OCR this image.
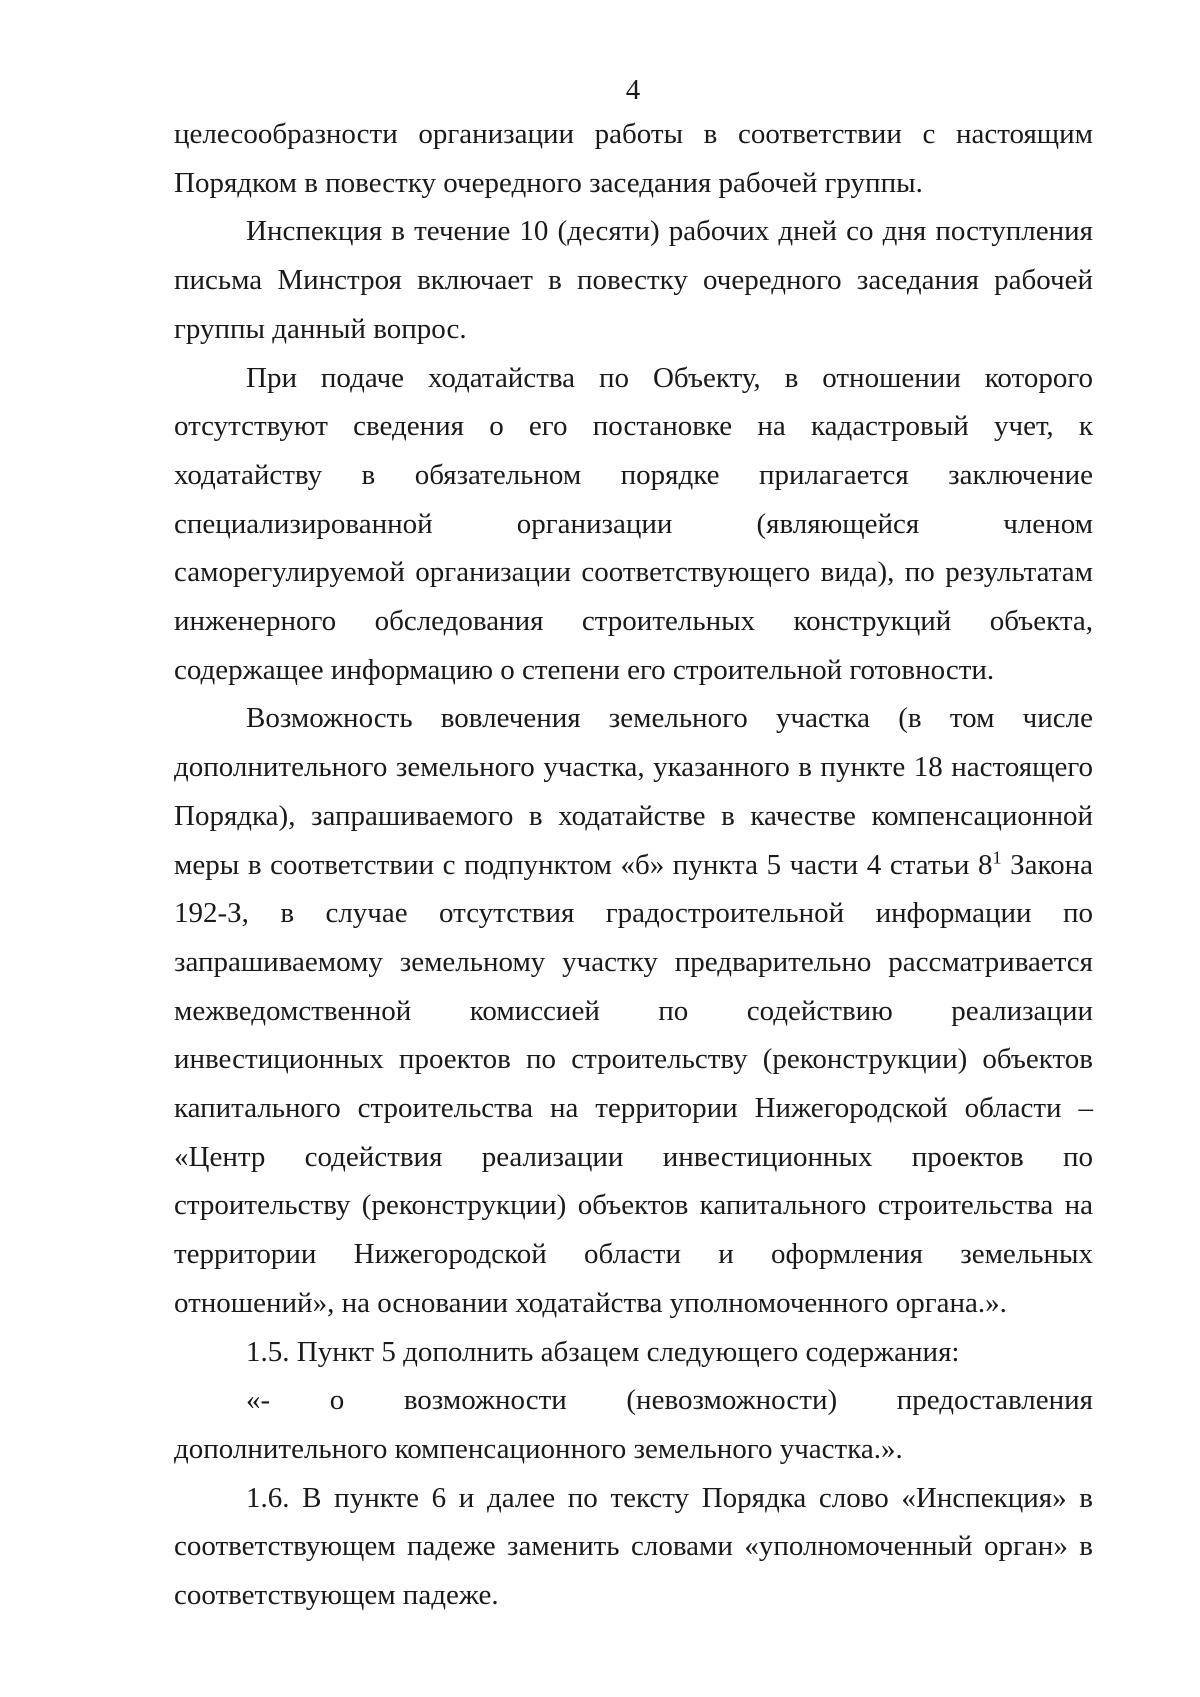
4

целесообразности организации работы в соответствии с настоящим Порядком в повестку очередного заседания рабочей группы.

Инспекция в течение 10 (десяти) рабочих дней со дня поступления письма Минстроя включает в повестку очередного заседания рабочей группы данный вопрос.

При подаче ходатайства по Объекту, в отношении которого отсутствуют сведения о его постановке на кадастровый учет, к ходатайству в обязательном порядке прилагается заключение специализированной организации (являющейся членом саморегулируемой организации соответствующего вида), по результатам инженерного обследования строительных конструкций объекта, содержащее информацию о степени его строительной готовности.

Возможность вовлечения земельного участка (в том числе дополнительного земельного участка, указанного в пункте 18 настоящего Порядка), запрашиваемого в ходатайстве в качестве компенсационной меры в соответствии с подпунктом «б» пункта 5 части 4 статьи $8^1$ Закона 192-З, в случае отсутствия градостроительной информации по запрашиваемому земельному участку предварительно рассматривается межведомственной комиссией по содействию реализации инвестиционных проектов по строительству (реконструкции) объектов капитального строительства на территории Нижегородской области – «Центр содействия реализации инвестиционных проектов по строительству (реконструкции) объектов капитального строительства на территории Нижегородской области и оформления земельных отношений», на основании ходатайства уполномоченного органа.».

1.5. Пункт 5 дополнить абзацем следующего содержания:

«- о возможности (невозможности) предоставления дополнительного компенсационного земельного участка.».

1.6. В пункте 6 и далее по тексту Порядка слово «Инспекция» в соответствующем падеже заменить словами «уполномоченный орган» в соответствующем падеже.
